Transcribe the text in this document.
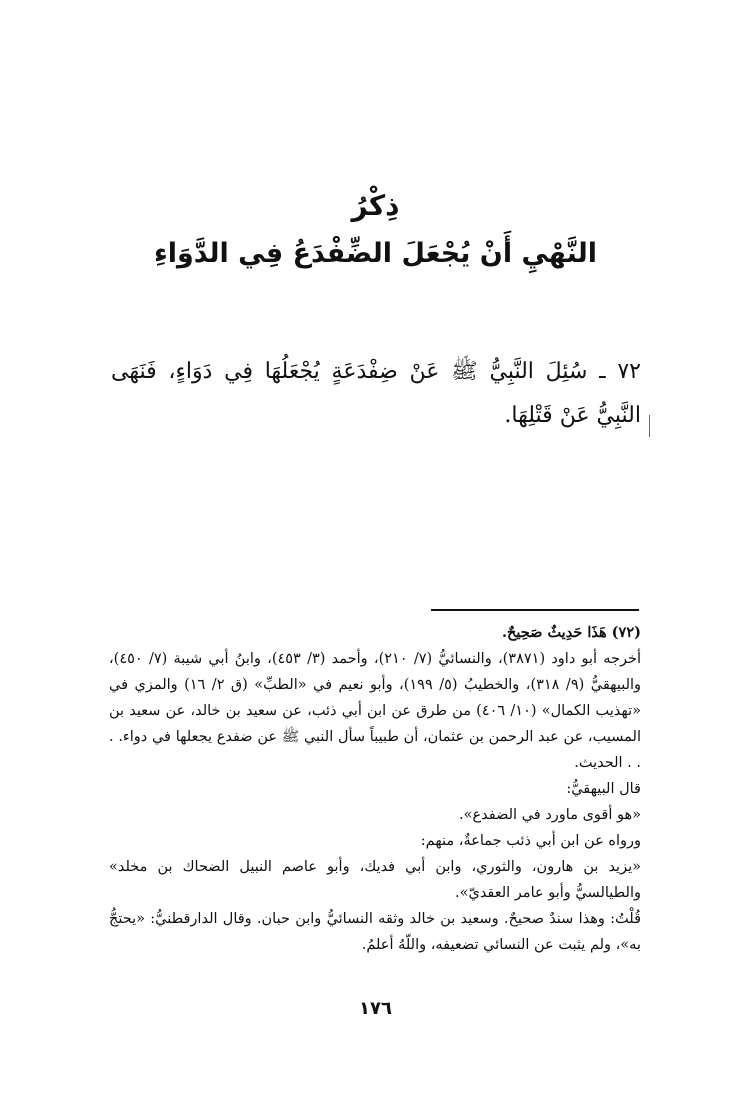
ذِكْرُ
النَّهْيِ أَنْ يُجْعَلَ الضِّفْدَعُ فِي الدَّوَاءِ
٧٢ ـ سُئِلَ النَّبِيُّ ﷺ عَنْ ضِفْدَعَةٍ يُجْعَلُهَا فِي دَوَاءٍ، فَنَهَى النَّبِيُّ عَنْ قَتْلِهَا.

(٧٢) هَذَا حَدِيثٌ صَحِيحٌ.

أخرجه أبو داود (٣٨٧١)، والنسائيُّ (٧/ ٢١٠)، وأحمد (٣/ ٤٥٣)، وابنُ أبي شيبة (٧/ ٤٥٠)، والبيهقيُّ (٩/ ٣١٨)، والخطيبُ (٥/ ١٩٩)، وأبو نعيم في «الطبِّ» (ق ٢/ ١٦) والمزي في «تهذيب الكمال» (١٠/ ٤٠٦) من طرق عن ابن أبي ذئب، عن سعيد بن خالد، عن سعيد بن المسيب، عن عبد الرحمن بن عثمان، أن طبيباً سأل النبي ﷺ عن ضفدع يجعلها في دواء. . . . الحديث.

قال البيهقيُّ:

«هو أقوى ماورد في الضفدع».

ورواه عن ابن أبي ذئب جماعةٌ، منهم:

«يزيد بن هارون، والثوري، وابن أبي فديك، وأبو عاصم النبيل الضحاك بن مخلد» والطيالسيُّ وأبو عامر العقديّ».

قُلْتُ: وهذا سندٌ صحيحٌ. وسعيد بن خالد وثقه النسائيُّ وابن حبان. وقال الدارقطنيُّ: «يحتجُّ به»، ولم يثبت عن النسائي تضعيفه، واللّهُ أعلمُ.

١٧٦
